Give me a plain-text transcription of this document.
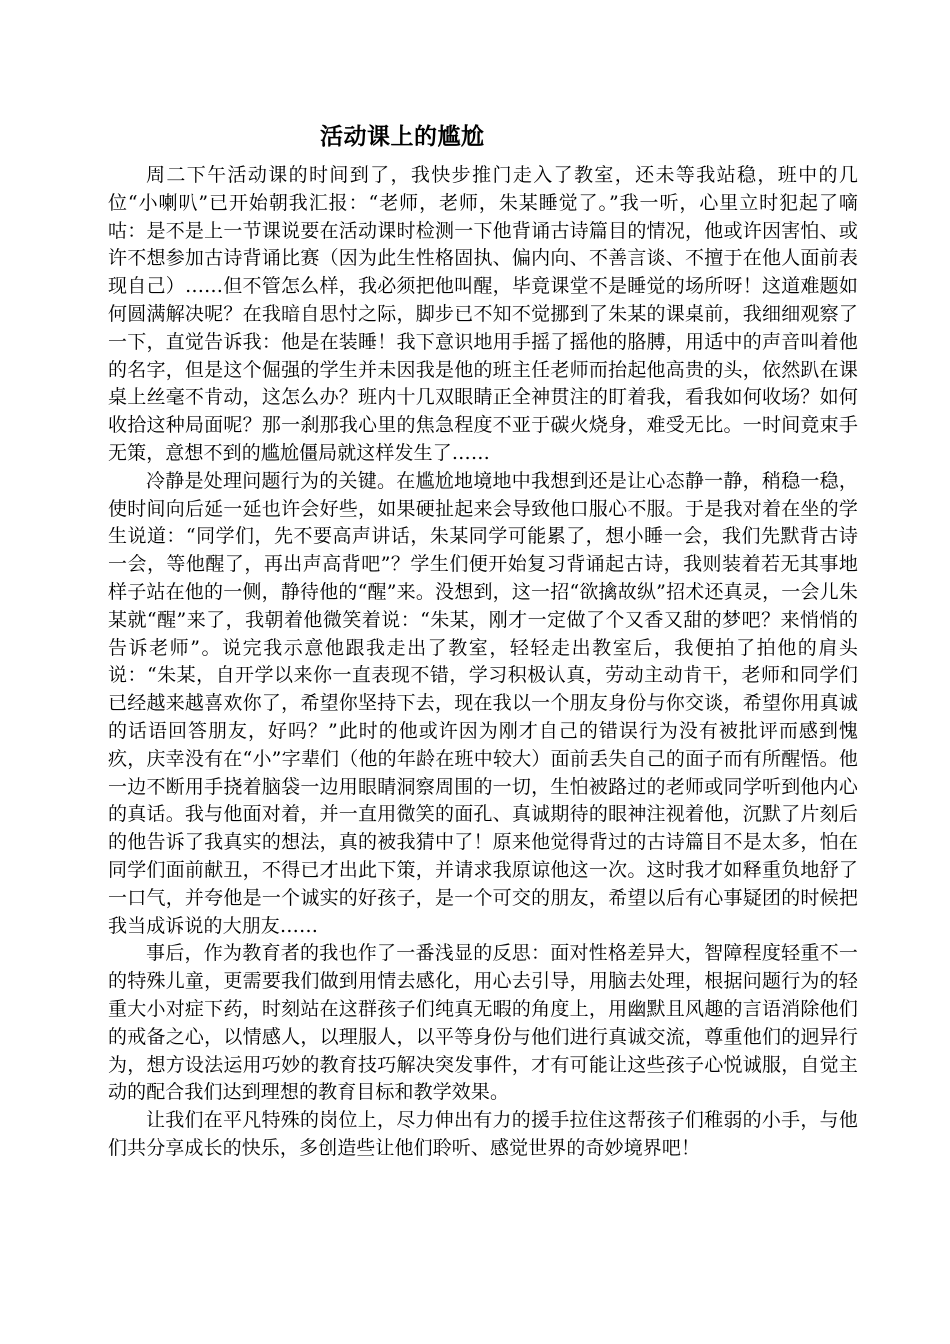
活动课上的尴尬

周二下午活动课的时间到了，我快步推门走入了教室，还未等我站稳，班中的几位“小喇叭”已开始朝我汇报：“老师，老师，朱某睡觉了。”我一听，心里立时犯起了嘀咕：是不是上一节课说要在活动课时检测一下他背诵古诗篇目的情况，他或许因害怕、或许不想参加古诗背诵比赛（因为此生性格固执、偏内向、不善言谈、不擅于在他人面前表现自己）……但不管怎么样，我必须把他叫醒，毕竟课堂不是睡觉的场所呀！这道难题如何圆满解决呢？在我暗自思忖之际，脚步已不知不觉挪到了朱某的课桌前，我细细观察了一下，直觉告诉我：他是在装睡！我下意识地用手摇了摇他的胳膊，用适中的声音叫着他的名字，但是这个倔强的学生并未因我是他的班主任老师而抬起他高贵的头，依然趴在课桌上丝毫不肯动，这怎么办？班内十几双眼睛正全神贯注的盯着我，看我如何收场？如何收拾这种局面呢？那一刹那我心里的焦急程度不亚于碳火烧身，难受无比。一时间竟束手无策，意想不到的尴尬僵局就这样发生了……

冷静是处理问题行为的关键。在尴尬地境地中我想到还是让心态静一静，稍稳一稳，使时间向后延一延也许会好些，如果硬扯起来会导致他口服心不服。于是我对着在坐的学生说道：“同学们，先不要高声讲话，朱某同学可能累了，想小睡一会，我们先默背古诗一会，等他醒了，再出声高背吧”？学生们便开始复习背诵起古诗，我则装着若无其事地样子站在他的一侧，静待他的“醒”来。没想到，这一招“欲擒故纵”招术还真灵，一会儿朱某就“醒”来了，我朝着他微笑着说：“朱某，刚才一定做了个又香又甜的梦吧？来悄悄的告诉老师”。说完我示意他跟我走出了教室，轻轻走出教室后，我便拍了拍他的肩头说：“朱某，自开学以来你一直表现不错，学习积极认真，劳动主动肯干，老师和同学们已经越来越喜欢你了，希望你坚持下去，现在我以一个朋友身份与你交谈，希望你用真诚的话语回答朋友，好吗？”此时的他或许因为刚才自己的错误行为没有被批评而感到愧疚，庆幸没有在“小”字辈们（他的年龄在班中较大）面前丢失自己的面子而有所醒悟。他一边不断用手挠着脑袋一边用眼睛洞察周围的一切，生怕被路过的老师或同学听到他内心的真话。我与他面对着，并一直用微笑的面孔、真诚期待的眼神注视着他，沉默了片刻后的他告诉了我真实的想法，真的被我猜中了！原来他觉得背过的古诗篇目不是太多，怕在同学们面前献丑，不得已才出此下策，并请求我原谅他这一次。这时我才如释重负地舒了一口气，并夸他是一个诚实的好孩子，是一个可交的朋友，希望以后有心事疑团的时候把我当成诉说的大朋友……

事后，作为教育者的我也作了一番浅显的反思：面对性格差异大，智障程度轻重不一的特殊儿童，更需要我们做到用情去感化，用心去引导，用脑去处理，根据问题行为的轻重大小对症下药，时刻站在这群孩子们纯真无暇的角度上，用幽默且风趣的言语消除他们的戒备之心，以情感人，以理服人，以平等身份与他们进行真诚交流，尊重他们的迥异行为，想方设法运用巧妙的教育技巧解决突发事件，才有可能让这些孩子心悦诚服，自觉主动的配合我们达到理想的教育目标和教学效果。

让我们在平凡特殊的岗位上，尽力伸出有力的援手拉住这帮孩子们稚弱的小手，与他们共分享成长的快乐，多创造些让他们聆听、感觉世界的奇妙境界吧！
